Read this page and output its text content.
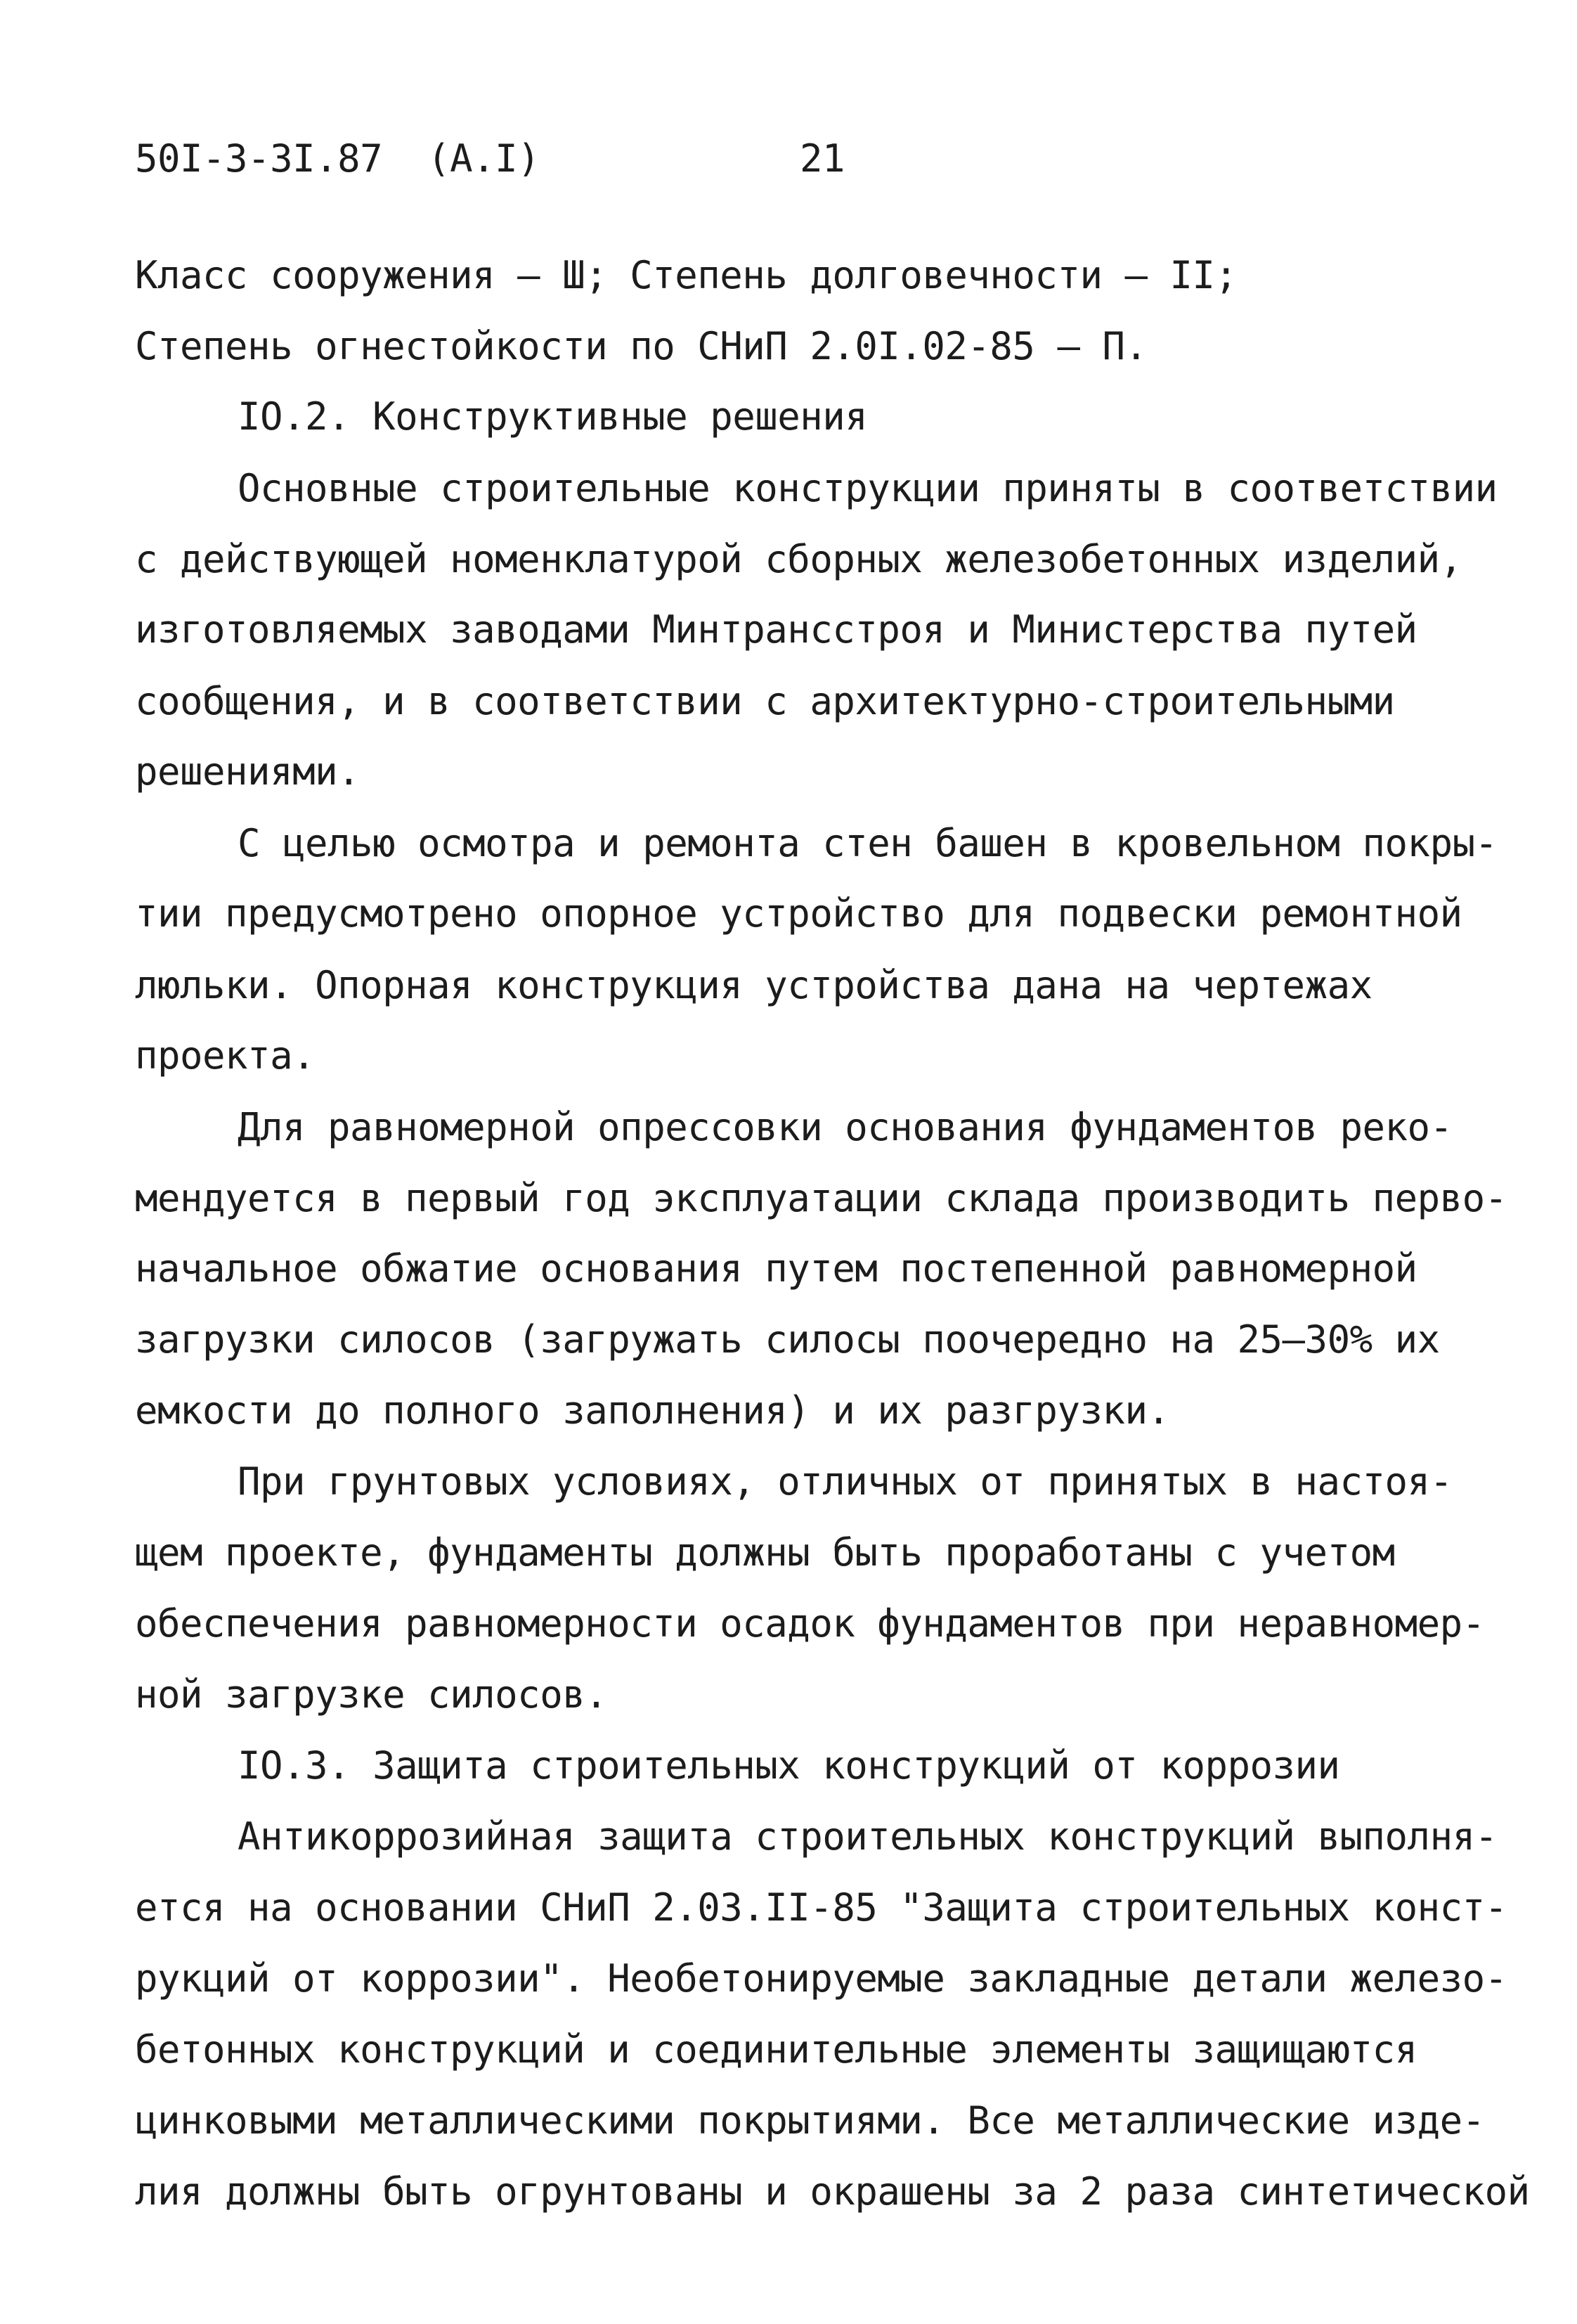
50I-3-3I.87  (А.I)	21
Класс сооружения – Ш; Степень долговечности – II;
Степень огнестойкости по СНиП 2.0I.02-85 – П.
IO.2. Конструктивные решения
Основные строительные конструкции приняты в соответствии
с действующей номенклатурой сборных железобетонных изделий,
изготовляемых заводами Минтрансстроя и Министерства путей
сообщения, и в соответствии с архитектурно-строительными
решениями.
С целью осмотра и ремонта стен башен в кровельном покры-
тии предусмотрено опорное устройство для подвески ремонтной
люльки. Опорная конструкция устройства дана на чертежах
проекта.
Для равномерной опрессовки основания фундаментов реко-
мендуется в первый год эксплуатации склада производить перво-
начальное обжатие основания путем постепенной равномерной
загрузки силосов (загружать силосы поочередно на 25–30% их
емкости до полного заполнения) и их разгрузки.
При грунтовых условиях, отличных от принятых в настоя-
щем проекте, фундаменты должны быть проработаны с учетом
обеспечения равномерности осадок фундаментов при неравномер-
ной загрузке силосов.
IO.3. Защита строительных конструкций от коррозии
Антикоррозийная защита строительных конструкций выполня-
ется на основании СНиП 2.03.II-85 "Защита строительных конст-
рукций от коррозии". Необетонируемые закладные детали железо-
бетонных конструкций и соединительные элементы защищаются
цинковыми металлическими покрытиями. Все металлические изде-
лия должны быть огрунтованы и окрашены за 2 раза синтетической
